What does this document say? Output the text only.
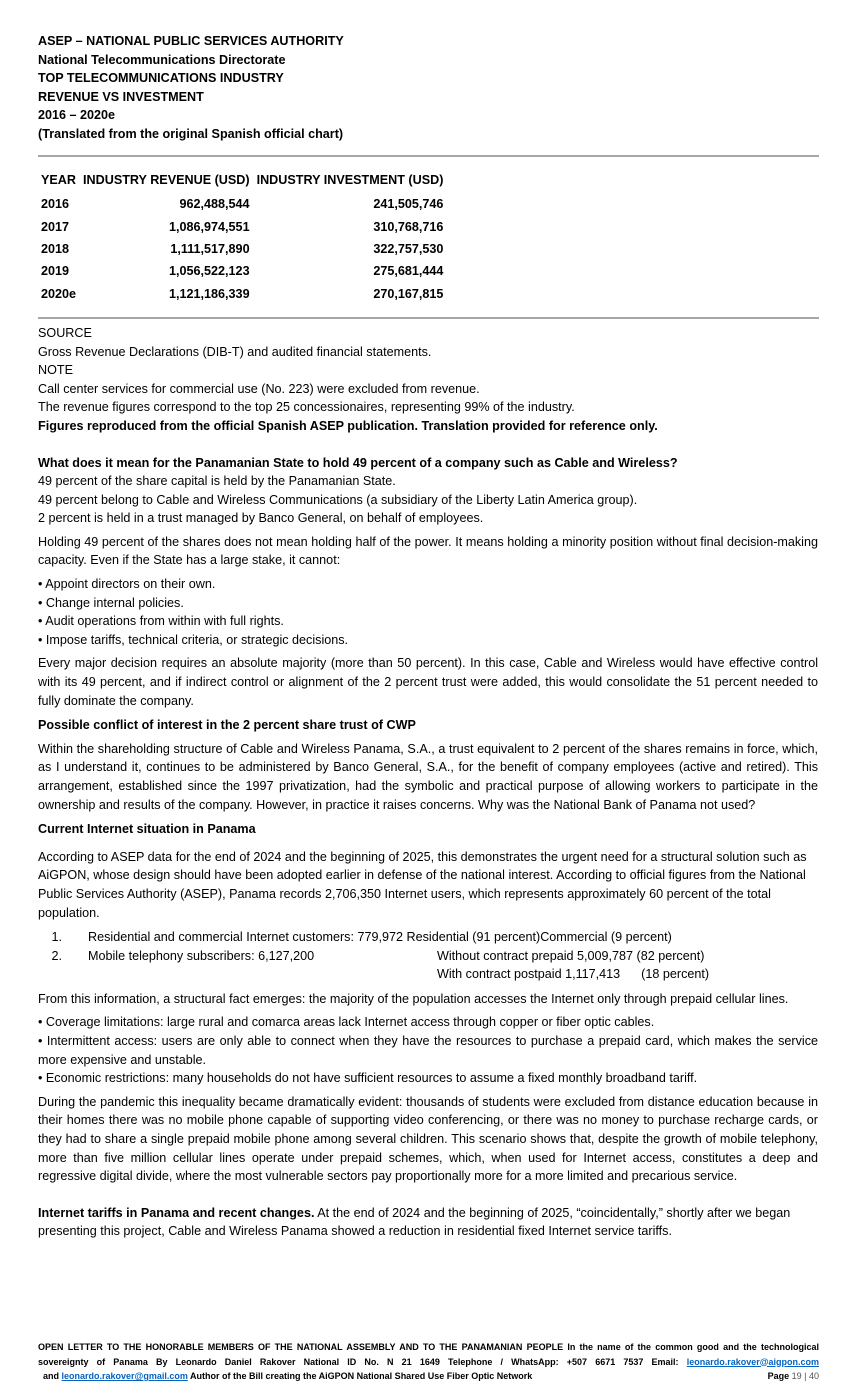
ASEP – NATIONAL PUBLIC SERVICES AUTHORITY
National Telecommunications Directorate
TOP TELECOMMUNICATIONS INDUSTRY
REVENUE VS INVESTMENT
2016 – 2020e
(Translated from the original Spanish official chart)
YEAR	INDUSTRY REVENUE (USD)	INDUSTRY INVESTMENT (USD)
2016	962,488,544	241,505,746
2017	1,086,974,551	310,768,716
2018	1,111,517,890	322,757,530
2019	1,056,522,123	275,681,444
2020e	1,121,186,339	270,167,815
SOURCE
Gross Revenue Declarations (DIB-T) and audited financial statements.
NOTE
Call center services for commercial use (No. 223) were excluded from revenue.
The revenue figures correspond to the top 25 concessionaires, representing 99% of the industry.
Figures reproduced from the official Spanish ASEP publication. Translation provided for reference only.
What does it mean for the Panamanian State to hold 49 percent of a company such as Cable and Wireless?
49 percent of the share capital is held by the Panamanian State.
49 percent belong to Cable and Wireless Communications (a subsidiary of the Liberty Latin America group).
2 percent is held in a trust managed by Banco General, on behalf of employees.
Holding 49 percent of the shares does not mean holding half of the power. It means holding a minority position without final decision-making capacity. Even if the State has a large stake, it cannot:
• Appoint directors on their own.
• Change internal policies.
• Audit operations from within with full rights.
• Impose tariffs, technical criteria, or strategic decisions.
Every major decision requires an absolute majority (more than 50 percent). In this case, Cable and Wireless would have effective control with its 49 percent, and if indirect control or alignment of the 2 percent trust were added, this would consolidate the 51 percent needed to fully dominate the company.
Possible conflict of interest in the 2 percent share trust of CWP
Within the shareholding structure of Cable and Wireless Panama, S.A., a trust equivalent to 2 percent of the shares remains in force, which, as I understand it, continues to be administered by Banco General, S.A., for the benefit of company employees (active and retired). This arrangement, established since the 1997 privatization, had the symbolic and practical purpose of allowing workers to participate in the ownership and results of the company. However, in practice it raises concerns. Why was the National Bank of Panama not used?
Current Internet situation in Panama
According to ASEP data for the end of 2024 and the beginning of 2025, this demonstrates the urgent need for a structural solution such as AiGPON, whose design should have been adopted earlier in defense of the national interest. According to official figures from the National Public Services Authority (ASEP), Panama records 2,706,350 Internet users, which represents approximately 60 percent of the total population.
1. Residential and commercial Internet customers: 779,972 Residential (91 percent)Commercial (9 percent)
2. Mobile telephony subscribers: 6,127,200	Without contract prepaid 5,009,787 (82 percent)
With contract postpaid 1,117,413      (18 percent)
From this information, a structural fact emerges: the majority of the population accesses the Internet only through prepaid cellular lines.
• Coverage limitations: large rural and comarca areas lack Internet access through copper or fiber optic cables.
• Intermittent access: users are only able to connect when they have the resources to purchase a prepaid card, which makes the service more expensive and unstable.
• Economic restrictions: many households do not have sufficient resources to assume a fixed monthly broadband tariff.
During the pandemic this inequality became dramatically evident: thousands of students were excluded from distance education because in their homes there was no mobile phone capable of supporting video conferencing, or there was no money to purchase recharge cards, or they had to share a single prepaid mobile phone among several children. This scenario shows that, despite the growth of mobile telephony, more than five million cellular lines operate under prepaid schemes, which, when used for Internet access, constitutes a deep and regressive digital divide, where the most vulnerable sectors pay proportionally more for a more limited and precarious service.
Internet tariffs in Panama and recent changes. At the end of 2024 and the beginning of 2025, “coincidentally,” shortly after we began presenting this project, Cable and Wireless Panama showed a reduction in residential fixed Internet service tariffs.
OPEN LETTER TO THE HONORABLE MEMBERS OF THE NATIONAL ASSEMBLY AND TO THE PANAMANIAN PEOPLE In the name of the common good and the technological sovereignty of Panama By Leonardo Daniel Rakover National ID No. N 21 1649 Telephone / WhatsApp: +507 6671 7537 Email: leonardo.rakover@aigpon.com  and leonardo.rakover@gmail.com Author of the Bill creating the AiGPON National Shared Use Fiber Optic Network	Page 19 | 40
